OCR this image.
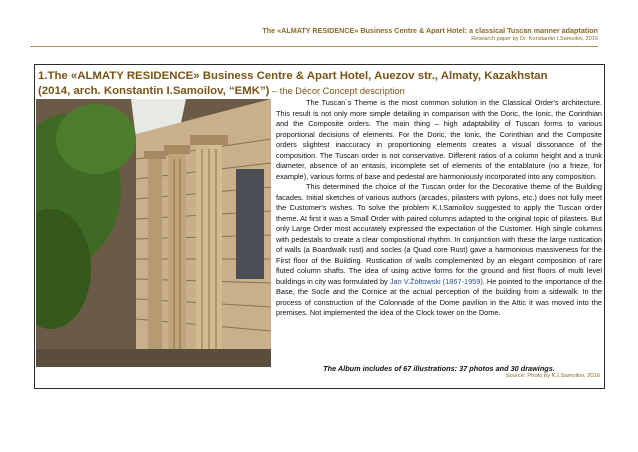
The «ALMATY RESIDENCE» Business Centre & Apart Hotel: a classical Tuscan manner adaptation
Research paper by Dr. Konstantin I.Samoilov, 2016
1.The «ALMATY RESIDENCE» Business Centre & Apart Hotel, Auezov str., Almaty, Kazakhstan
(2014, arch. Konstantin I.Samoilov, “EMK”) – the Décor Concept description

The Tuscan`s Theme is the most common solution in the Classical Order's architecture. This result is not only more simple detailing in comparison with the Doric, the Ionic, the Corinthian and the Composite orders. The main thing – high adaptability of Tuscan forms to various proportional decisions of elements. For the Doric, the Ionic, the Corinthian and the Composite orders slightest inaccuracy in proportioning elements creates a visual dissonance of the composition. The Tuscan order is not conservative. Different ratios of a column height and a trunk diameter, absence of an entasis, incomplete set of elements of the entablature (no a frieze, for example), various forms of base and pedestal are harmoniously incorporated into any composition.

This determined the choice of the Tuscan order for the Decorative theme of the Building facades. Initial sketches of various authors (arcades, pilasters with pylons, etc.) does not fully meet the Customer's wishes. To solve the problem K.I.Samoilov suggested to apply the Tuscan order theme. At first it was a Small Order with paired columns adapted to the original topic of pilasters. But only Large Order most accurately expressed the expectation of the Customer. High single columns with pedestals to create a clear compositional rhythm. In conjunction with these the large rustication of walls (a Boardwalk rust) and socles (a Quad core Rust) gave a harmonious massiveness for the First floor of the Building. Rustication of walls complemented by an elegant composition of rare fluted column shafts. The idea of using active forms for the ground and first floors of multi level buildings in city was formulated by Jan V.Žółtowski (1867-1959). He pointed to the importance of the Base, the Socle and the Cornice at the actual perception of the building from a sidewalk. In the process of construction of the Colonnade of the Dome pavilion in the Attic it was moved into the premises. Not implemented the idea of the Clock tower on the Dome.

The Album includes of 67 illustrations: 37 photos and 30 drawings.
Source: Photo by K.I.Samoilov, 2016
